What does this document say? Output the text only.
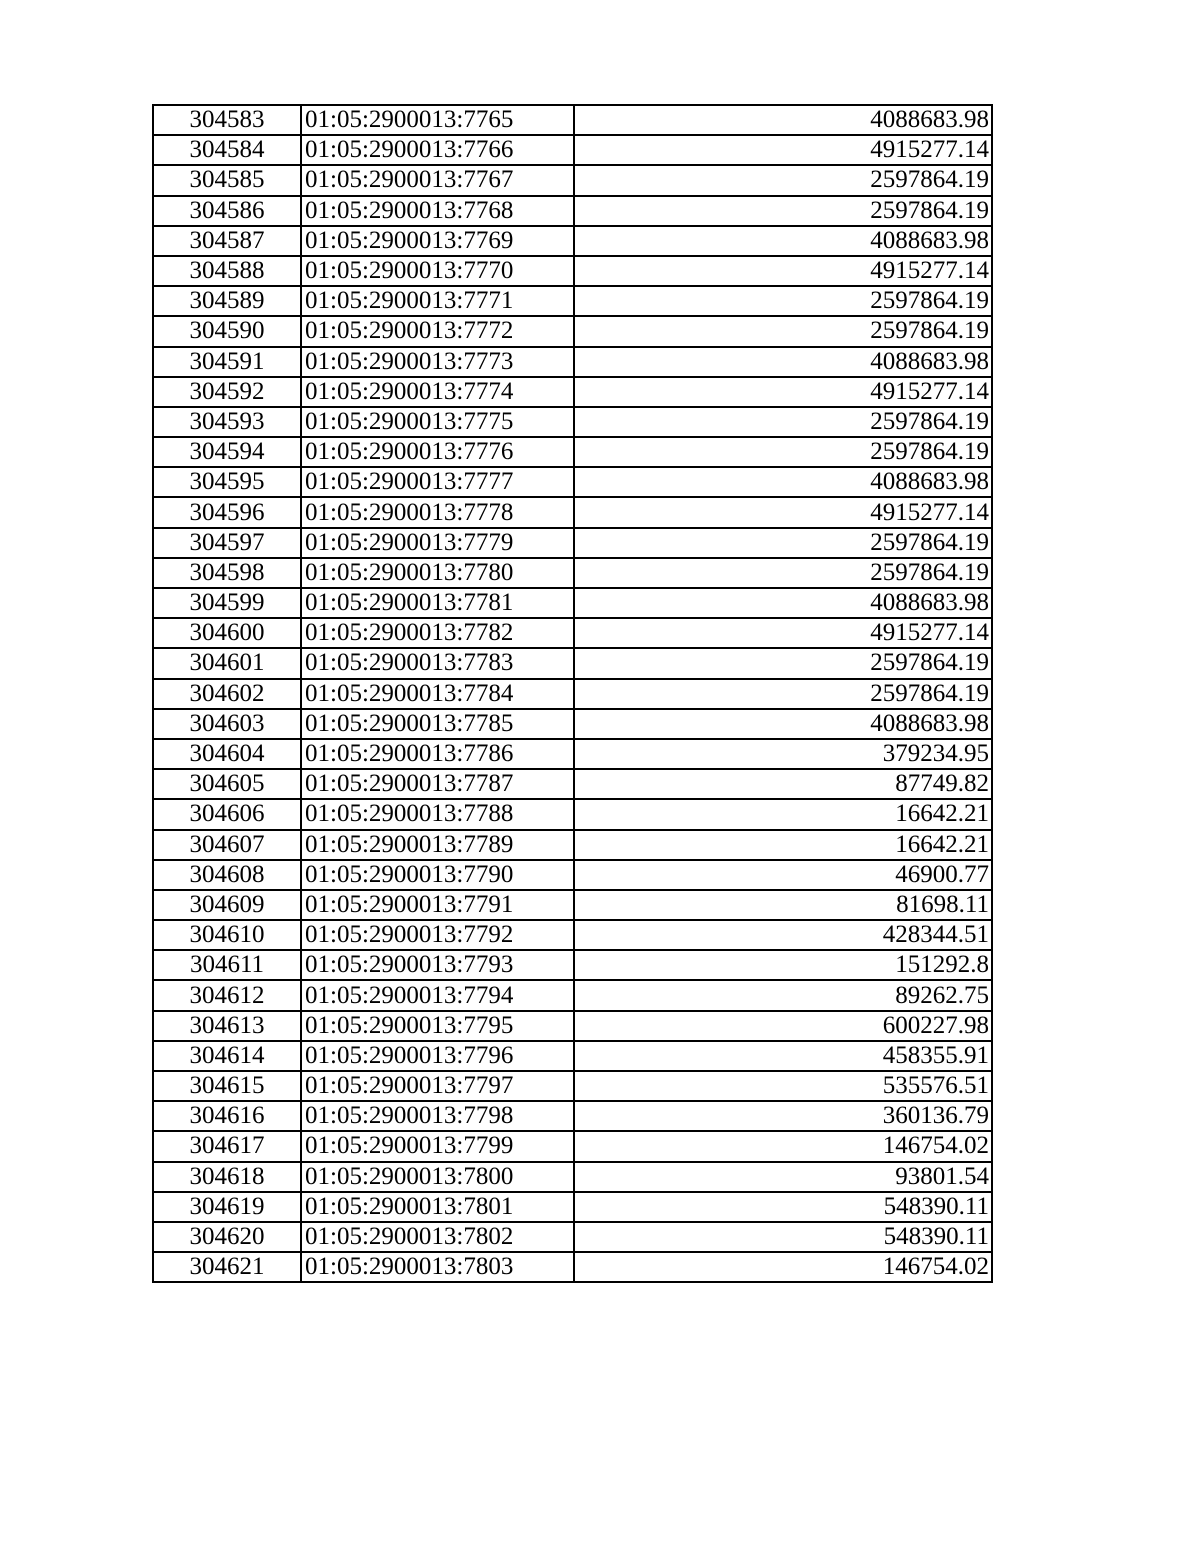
304583	01:05:2900013:7765	4088683.98
304584	01:05:2900013:7766	4915277.14
304585	01:05:2900013:7767	2597864.19
304586	01:05:2900013:7768	2597864.19
304587	01:05:2900013:7769	4088683.98
304588	01:05:2900013:7770	4915277.14
304589	01:05:2900013:7771	2597864.19
304590	01:05:2900013:7772	2597864.19
304591	01:05:2900013:7773	4088683.98
304592	01:05:2900013:7774	4915277.14
304593	01:05:2900013:7775	2597864.19
304594	01:05:2900013:7776	2597864.19
304595	01:05:2900013:7777	4088683.98
304596	01:05:2900013:7778	4915277.14
304597	01:05:2900013:7779	2597864.19
304598	01:05:2900013:7780	2597864.19
304599	01:05:2900013:7781	4088683.98
304600	01:05:2900013:7782	4915277.14
304601	01:05:2900013:7783	2597864.19
304602	01:05:2900013:7784	2597864.19
304603	01:05:2900013:7785	4088683.98
304604	01:05:2900013:7786	379234.95
304605	01:05:2900013:7787	87749.82
304606	01:05:2900013:7788	16642.21
304607	01:05:2900013:7789	16642.21
304608	01:05:2900013:7790	46900.77
304609	01:05:2900013:7791	81698.11
304610	01:05:2900013:7792	428344.51
304611	01:05:2900013:7793	151292.8
304612	01:05:2900013:7794	89262.75
304613	01:05:2900013:7795	600227.98
304614	01:05:2900013:7796	458355.91
304615	01:05:2900013:7797	535576.51
304616	01:05:2900013:7798	360136.79
304617	01:05:2900013:7799	146754.02
304618	01:05:2900013:7800	93801.54
304619	01:05:2900013:7801	548390.11
304620	01:05:2900013:7802	548390.11
304621	01:05:2900013:7803	146754.02
